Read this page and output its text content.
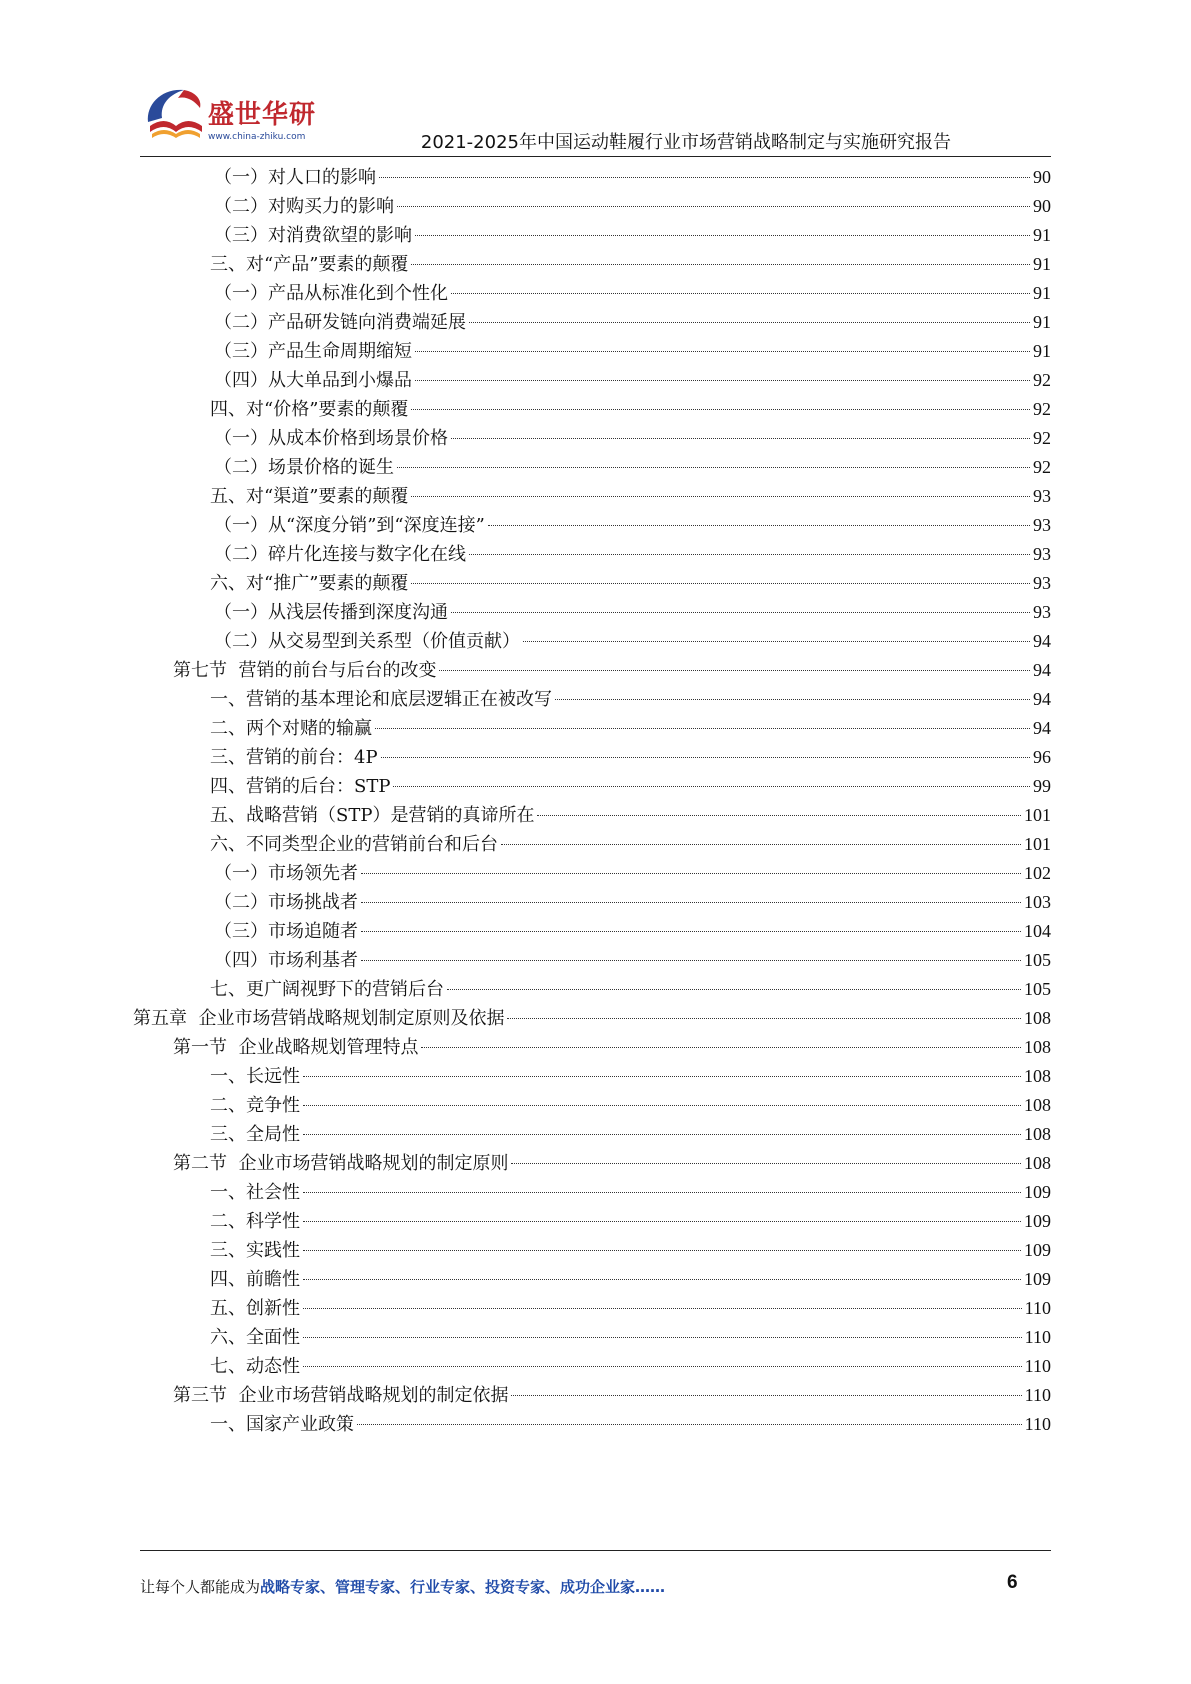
盛世华研
www.china-zhiku.com	2021-2025年中国运动鞋履行业市场营销战略制定与实施研究报告
（一）对人口的影响	90
（二）对购买力的影响	90
（三）对消费欲望的影响	91
三、对“产品”要素的颠覆	91
（一）产品从标准化到个性化	91
（二）产品研发链向消费端延展	91
（三）产品生命周期缩短	91
（四）从大单品到小爆品	92
四、对“价格”要素的颠覆	92
（一）从成本价格到场景价格	92
（二）场景价格的诞生	92
五、对“渠道”要素的颠覆	93
（一）从“深度分销”到“深度连接”	93
（二）碎片化连接与数字化在线	93
六、对“推广”要素的颠覆	93
（一）从浅层传播到深度沟通	93
（二）从交易型到关系型（价值贡献）	94
第七节  营销的前台与后台的改变	94
一、营销的基本理论和底层逻辑正在被改写	94
二、两个对赌的输赢	94
三、营销的前台：4P	96
四、营销的后台：STP	99
五、战略营销（STP）是营销的真谛所在	101
六、不同类型企业的营销前台和后台	101
（一）市场领先者	102
（二）市场挑战者	103
（三）市场追随者	104
（四）市场利基者	105
七、更广阔视野下的营销后台	105
第五章  企业市场营销战略规划制定原则及依据	108
第一节  企业战略规划管理特点	108
一、长远性	108
二、竞争性	108
三、全局性	108
第二节  企业市场营销战略规划的制定原则	108
一、社会性	109
二、科学性	109
三、实践性	109
四、前瞻性	109
五、创新性	110
六、全面性	110
七、动态性	110
第三节  企业市场营销战略规划的制定依据	110
一、国家产业政策	110
让每个人都能成为战略专家、管理专家、行业专家、投资专家、成功企业家……	6
